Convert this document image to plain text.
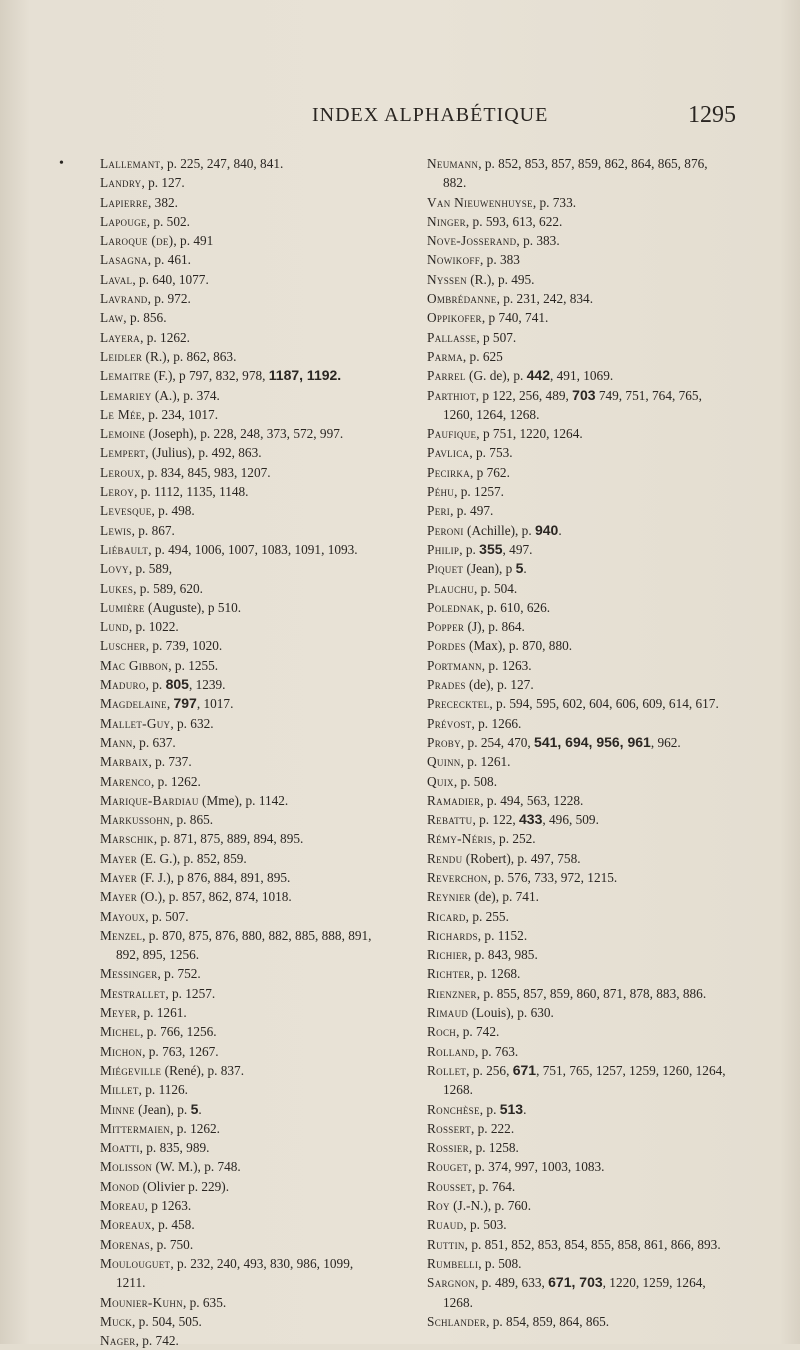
INDEX ALPHABÉTIQUE	1295
•	Lallemant, p. 225, 247, 840, 841.
Landry, p. 127.
Lapierre, 382.
Lapouge, p. 502.
Laroque (de), p. 491
Lasagna, p. 461.
Laval, p. 640, 1077.
Lavrand, p. 972.
Law, p. 856.
Layera, p. 1262.
Leidler (R.), p. 862, 863.
Lemaitre (F.), p 797, 832, 978, 1187, 1192.
Lemariey (A.), p. 374.
Le Mée, p. 234, 1017.
Lemoine (Joseph), p. 228, 248, 373, 572, 997.
Lempert, (Julius), p. 492, 863.
Leroux, p. 834, 845, 983, 1207.
Leroy, p. 1112, 1135, 1148.
Levesque, p. 498.
Lewis, p. 867.
Liébault, p. 494, 1006, 1007, 1083, 1091, 1093.
Lovy, p. 589,
Lukes, p. 589, 620.
Lumière (Auguste), p 510.
Lund, p. 1022.
Luscher, p. 739, 1020.
Mac Gibbon, p. 1255.
Maduro, p. 805, 1239.
Magdelaine, 797, 1017.
Mallet-Guy, p. 632.
Mann, p. 637.
Marbaix, p. 737.
Marenco, p. 1262.
Marique-Bardiau (Mme), p. 1142.
Markussohn, p. 865.
Marschik, p. 871, 875, 889, 894, 895.
Mayer (E. G.), p. 852, 859.
Mayer (F. J.), p 876, 884, 891, 895.
Mayer (O.), p. 857, 862, 874, 1018.
Mayoux, p. 507.
Menzel, p. 870, 875, 876, 880, 882, 885, 888, 891, 892, 895, 1256.
Messinger, p. 752.
Mestrallet, p. 1257.
Meyer, p. 1261.
Michel, p. 766, 1256.
Michon, p. 763, 1267.
Miégeville (René), p. 837.
Millet, p. 1126.
Minne (Jean), p. 5.
Mittermaien, p. 1262.
Moatti, p. 835, 989.
Molisson (W. M.), p. 748.
Monod (Olivier p. 229).
Moreau, p 1263.
Moreaux, p. 458.
Morenas, p. 750.
Moulouguet, p. 232, 240, 493, 830, 986, 1099, 1211.
Mounier-Kuhn, p. 635.
Muck, p. 504, 505.
Nager, p. 742.
Neumann, p. 852, 853, 857, 859, 862, 864, 865, 876, 882.
Van Nieuwenhuyse, p. 733.
Ninger, p. 593, 613, 622.
Nove-Josserand, p. 383.
Nowikoff, p. 383
Nyssen (R.), p. 495.
Ombrédanne, p. 231, 242, 834.
Oppikofer, p 740, 741.
Pallasse, p 507.
Parma, p. 625
Parrel (G. de), p. 442, 491, 1069.
Parthiot, p 122, 256, 489, 703 749, 751, 764, 765, 1260, 1264, 1268.
Paufique, p 751, 1220, 1264.
Pavlica, p. 753.
Pecirka, p 762.
Péhu, p. 1257.
Peri, p. 497.
Peroni (Achille), p. 940.
Philip, p. 355, 497.
Piquet (Jean), p 5.
Plauchu, p. 504.
Polednak, p. 610, 626.
Popper (J), p. 864.
Pordes (Max), p. 870, 880.
Portmann, p. 1263.
Prades (de), p. 127.
Prececktel, p. 594, 595, 602, 604, 606, 609, 614, 617.
Prévost, p. 1266.
Proby, p. 254, 470, 541, 694, 956, 961, 962.
Quinn, p. 1261.
Quix, p. 508.
Ramadier, p. 494, 563, 1228.
Rebattu, p. 122, 433, 496, 509.
Rémy-Néris, p. 252.
Rendu (Robert), p. 497, 758.
Reverchon, p. 576, 733, 972, 1215.
Reynier (de), p. 741.
Ricard, p. 255.
Richards, p. 1152.
Richier, p. 843, 985.
Richter, p. 1268.
Rienzner, p. 855, 857, 859, 860, 871, 878, 883, 886.
Rimaud (Louis), p. 630.
Roch, p. 742.
Rolland, p. 763.
Rollet, p. 256, 671, 751, 765, 1257, 1259, 1260, 1264, 1268.
Ronchèse, p. 513.
Rossert, p. 222.
Rossier, p. 1258.
Rouget, p. 374, 997, 1003, 1083.
Rousset, p. 764.
Roy (J.-N.), p. 760.
Ruaud, p. 503.
Ruttin, p. 851, 852, 853, 854, 855, 858, 861, 866, 893.
Rumbelli, p. 508.
Sargnon, p. 489, 633, 671, 703, 1220, 1259, 1264, 1268.
Schlander, p. 854, 859, 864, 865.
